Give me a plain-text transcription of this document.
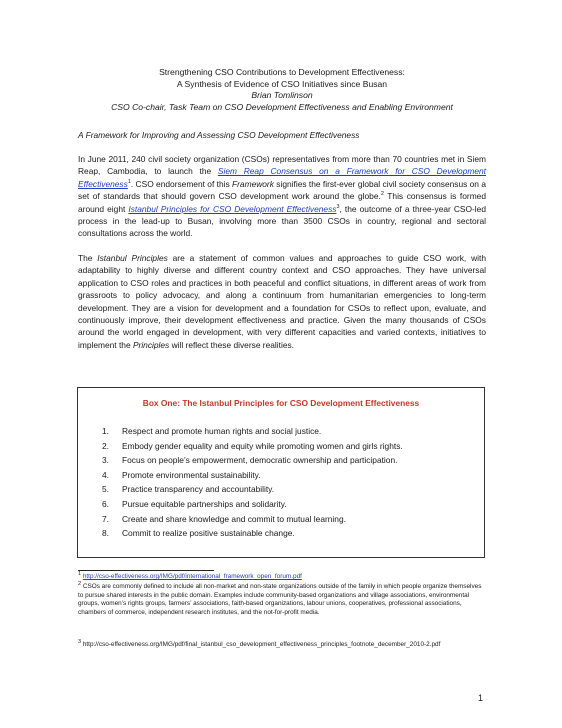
Strengthening CSO Contributions to Development Effectiveness:
A Synthesis of Evidence of CSO Initiatives since Busan
Brian Tomlinson
CSO Co-chair, Task Team on CSO Development Effectiveness and Enabling Environment
A Framework for Improving and Assessing CSO Development Effectiveness
In June 2011, 240 civil society organization (CSOs) representatives from more than 70 countries met in Siem Reap, Cambodia, to launch the Siem Reap Consensus on a Framework for CSO Development Effectiveness$^1$. CSO endorsement of this Framework signifies the first-ever global civil society consensus on a set of standards that should govern CSO development work around the globe.$^2$ This consensus is formed around eight Istanbul Principles for CSO Development Effectiveness$^3$, the outcome of a three-year CSO-led process in the lead-up to Busan, involving more than 3500 CSOs in country, regional and sectoral consultations across the world.
The Istanbul Principles are a statement of common values and approaches to guide CSO work, with adaptability to highly diverse and different country context and CSO approaches. They have universal application to CSO roles and practices in both peaceful and conflict situations, in different areas of work from grassroots to policy advocacy, and along a continuum from humanitarian emergencies to long-term development. They are a vision for development and a foundation for CSOs to reflect upon, evaluate, and continuously improve, their development effectiveness and practice. Given the many thousands of CSOs around the world engaged in development, with very different capacities and varied contexts, initiatives to implement the Principles will reflect these diverse realities.
Box One: The Istanbul Principles for CSO Development Effectiveness
1. Respect and promote human rights and social justice.
2. Embody gender equality and equity while promoting women and girls rights.
3. Focus on people’s empowerment, democratic ownership and participation.
4. Promote environmental sustainability.
5. Practice transparency and accountability.
6. Pursue equitable partnerships and solidarity.
7. Create and share knowledge and commit to mutual learning.
8. Commit to realize positive sustainable change.
$^1$ http://cso-effectiveness.org/IMG/pdf/international_framework_open_forum.pdf
$^2$ CSOs are commonly defined to include all non-market and non-state organizations outside of the family in which people organize themselves to pursue shared interests in the public domain. Examples include community-based organizations and village associations, environmental groups, women’s rights groups, farmers’ associations, faith-based organizations, labour unions, cooperatives, professional associations, chambers of commerce, independent research institutes, and the not-for-profit media.
$^3$ http://cso-effectiveness.org/IMG/pdf/final_istanbul_cso_development_effectiveness_principles_footnote_december_2010-2.pdf
1
